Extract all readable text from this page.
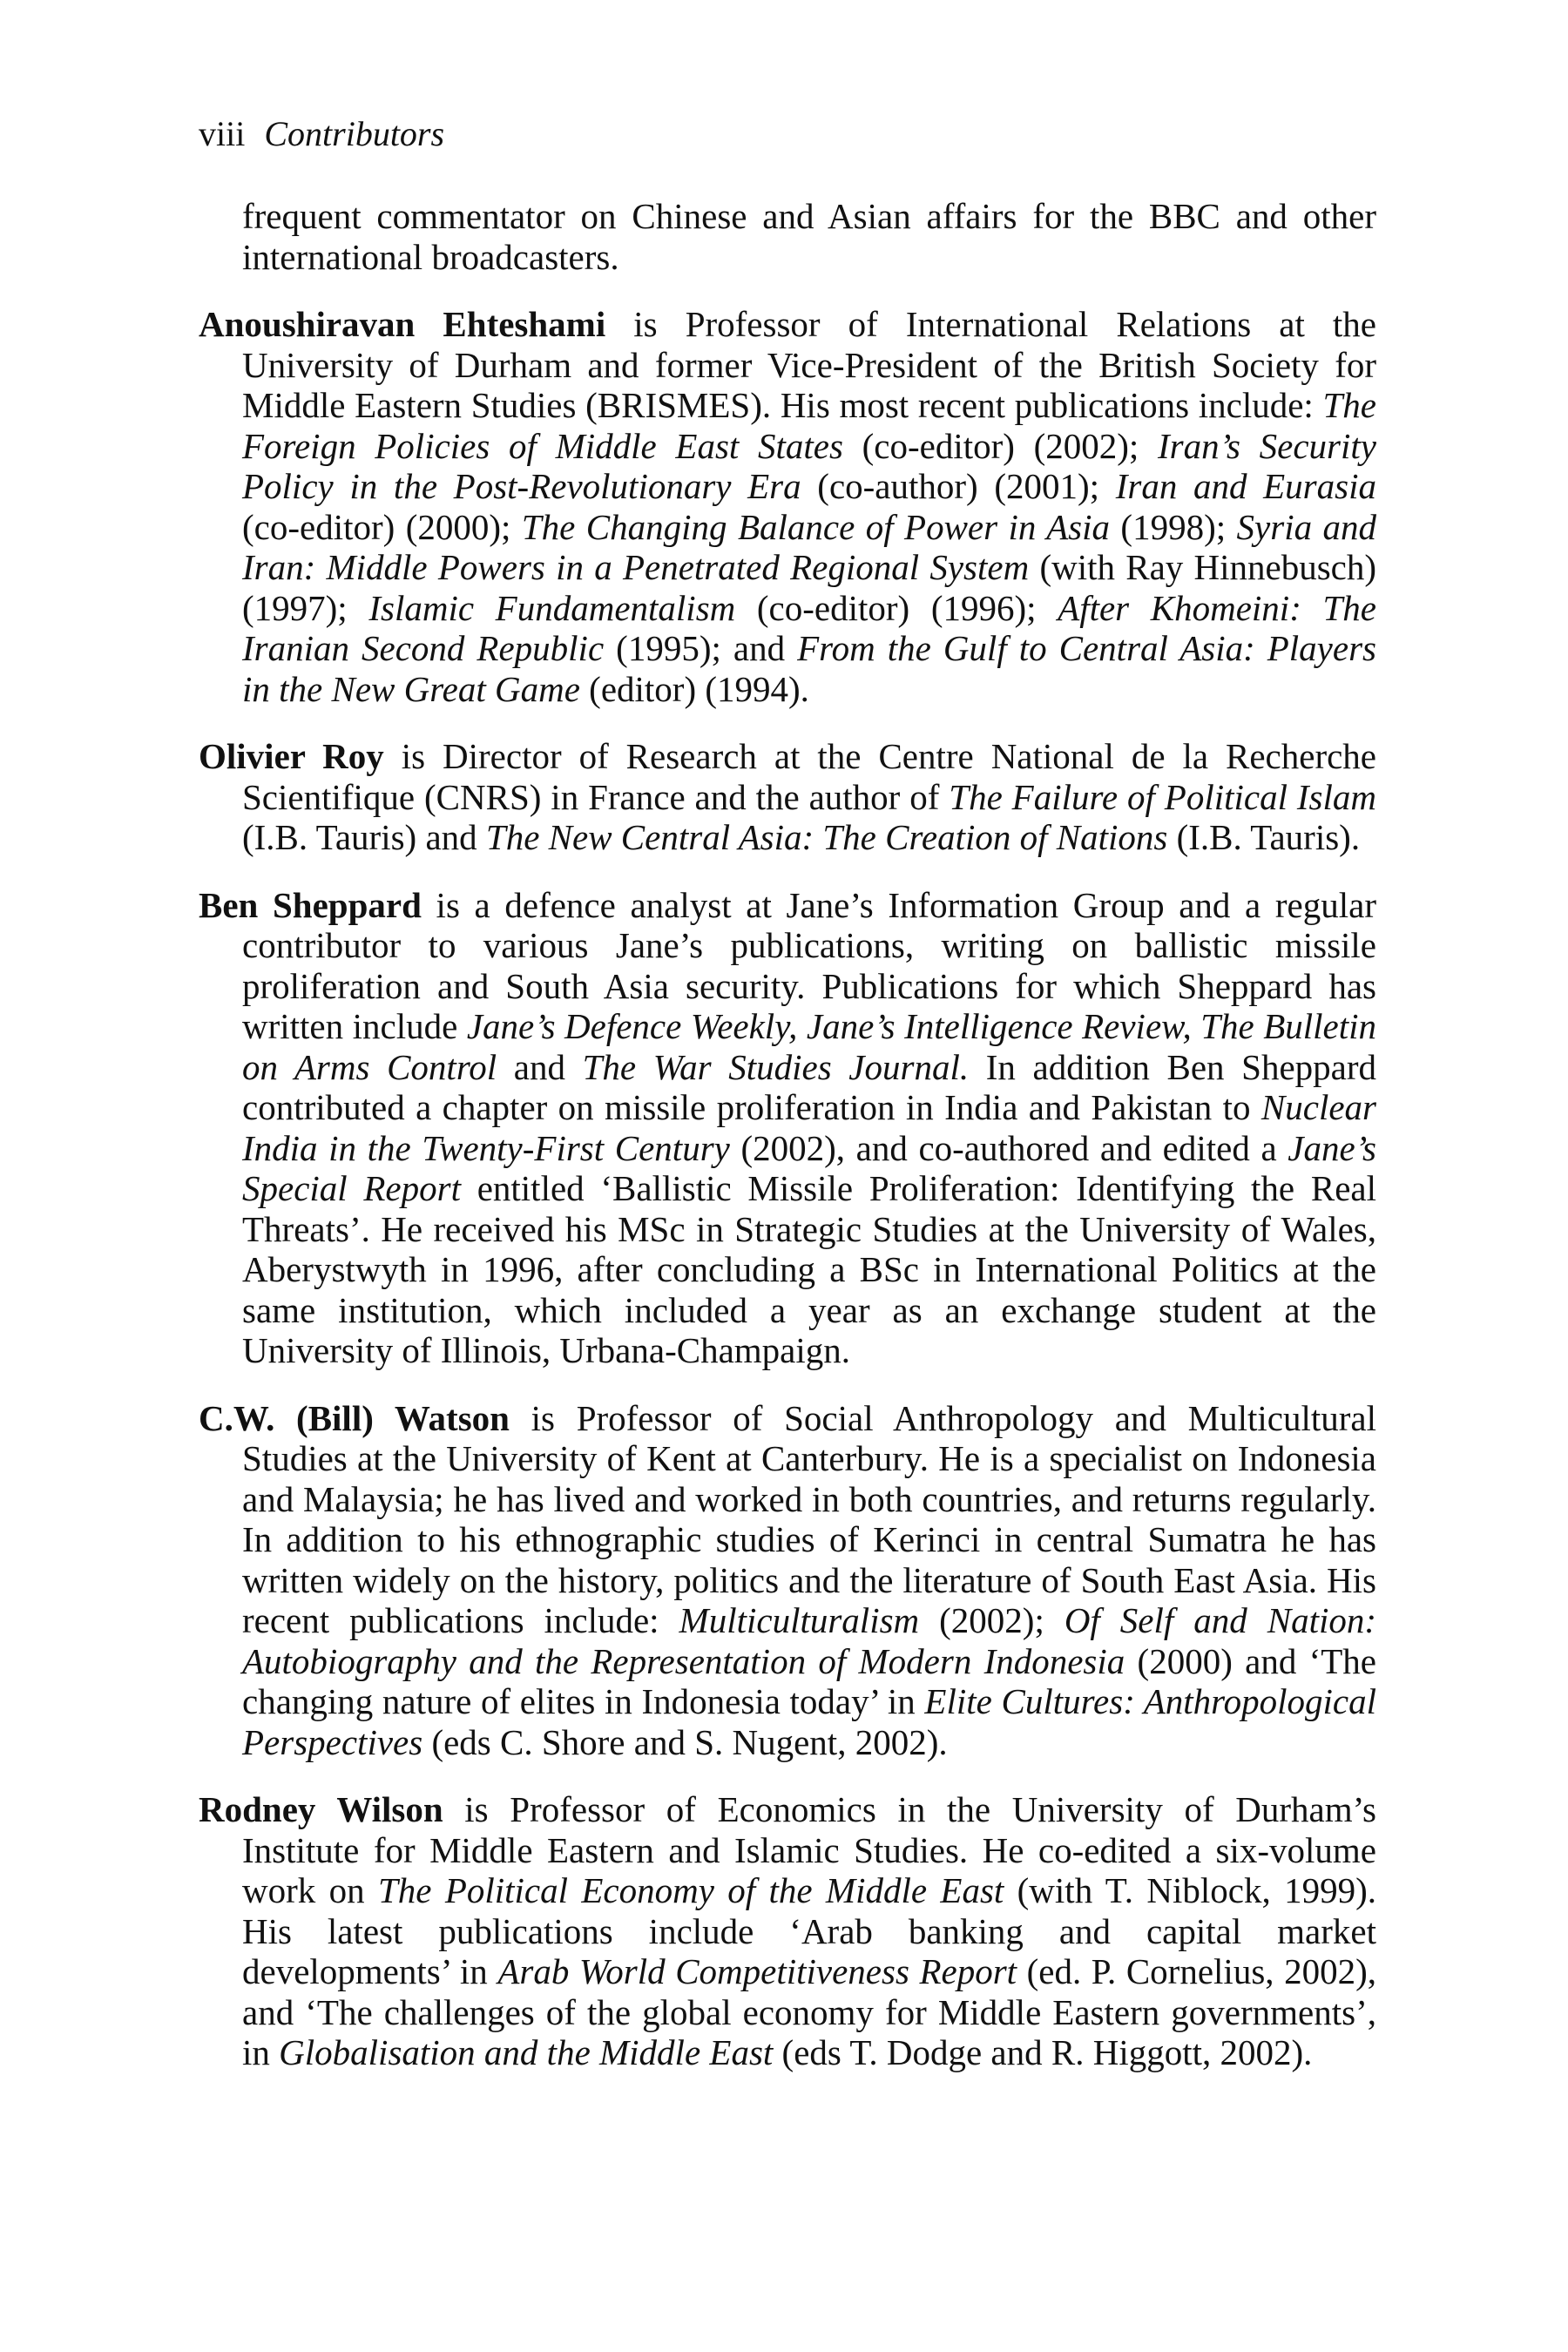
viii Contributors

frequent commentator on Chinese and Asian affairs for the BBC and other international broadcasters.

Anoushiravan Ehteshami is Professor of International Relations at the University of Durham and former Vice-President of the British Society for Middle Eastern Studies (BRISMES). His most recent publications include: The Foreign Policies of Middle East States (co-editor) (2002); Iran’s Security Policy in the Post-Revolutionary Era (co-author) (2001); Iran and Eurasia (co-editor) (2000); The Changing Balance of Power in Asia (1998); Syria and Iran: Middle Powers in a Penetrated Regional System (with Ray Hinnebusch) (1997); Islamic Fundamentalism (co-editor) (1996); After Khomeini: The Iranian Second Republic (1995); and From the Gulf to Central Asia: Players in the New Great Game (editor) (1994).

Olivier Roy is Director of Research at the Centre National de la Recherche Scientifique (CNRS) in France and the author of The Failure of Political Islam (I.B. Tauris) and The New Central Asia: The Creation of Nations (I.B. Tauris).

Ben Sheppard is a defence analyst at Jane’s Information Group and a regular contributor to various Jane’s publications, writing on ballistic missile proliferation and South Asia security. Publications for which Sheppard has written include Jane’s Defence Weekly, Jane’s Intelligence Review, The Bulletin on Arms Control and The War Studies Journal. In addition Ben Sheppard contributed a chapter on missile proliferation in India and Pakistan to Nuclear India in the Twenty-First Century (2002), and co-authored and edited a Jane’s Special Report entitled ‘Ballistic Missile Proliferation: Identifying the Real Threats’. He received his MSc in Strategic Studies at the University of Wales, Aberystwyth in 1996, after concluding a BSc in International Politics at the same institution, which included a year as an exchange student at the University of Illinois, Urbana-Champaign.

C.W. (Bill) Watson is Professor of Social Anthropology and Multicultural Studies at the University of Kent at Canterbury. He is a specialist on Indonesia and Malaysia; he has lived and worked in both countries, and returns regularly. In addition to his ethnographic studies of Kerinci in central Sumatra he has written widely on the history, politics and the literature of South East Asia. His recent publications include: Multiculturalism (2002); Of Self and Nation: Autobiography and the Representation of Modern Indonesia (2000) and ‘The changing nature of elites in Indonesia today’ in Elite Cultures: Anthropological Perspectives (eds C. Shore and S. Nugent, 2002).

Rodney Wilson is Professor of Economics in the University of Durham’s Institute for Middle Eastern and Islamic Studies. He co-edited a six-volume work on The Political Economy of the Middle East (with T. Niblock, 1999). His latest publications include ‘Arab banking and capital market developments’ in Arab World Competitiveness Report (ed. P. Cornelius, 2002), and ‘The challenges of the global economy for Middle Eastern governments’, in Globalisation and the Middle East (eds T. Dodge and R. Higgott, 2002).
